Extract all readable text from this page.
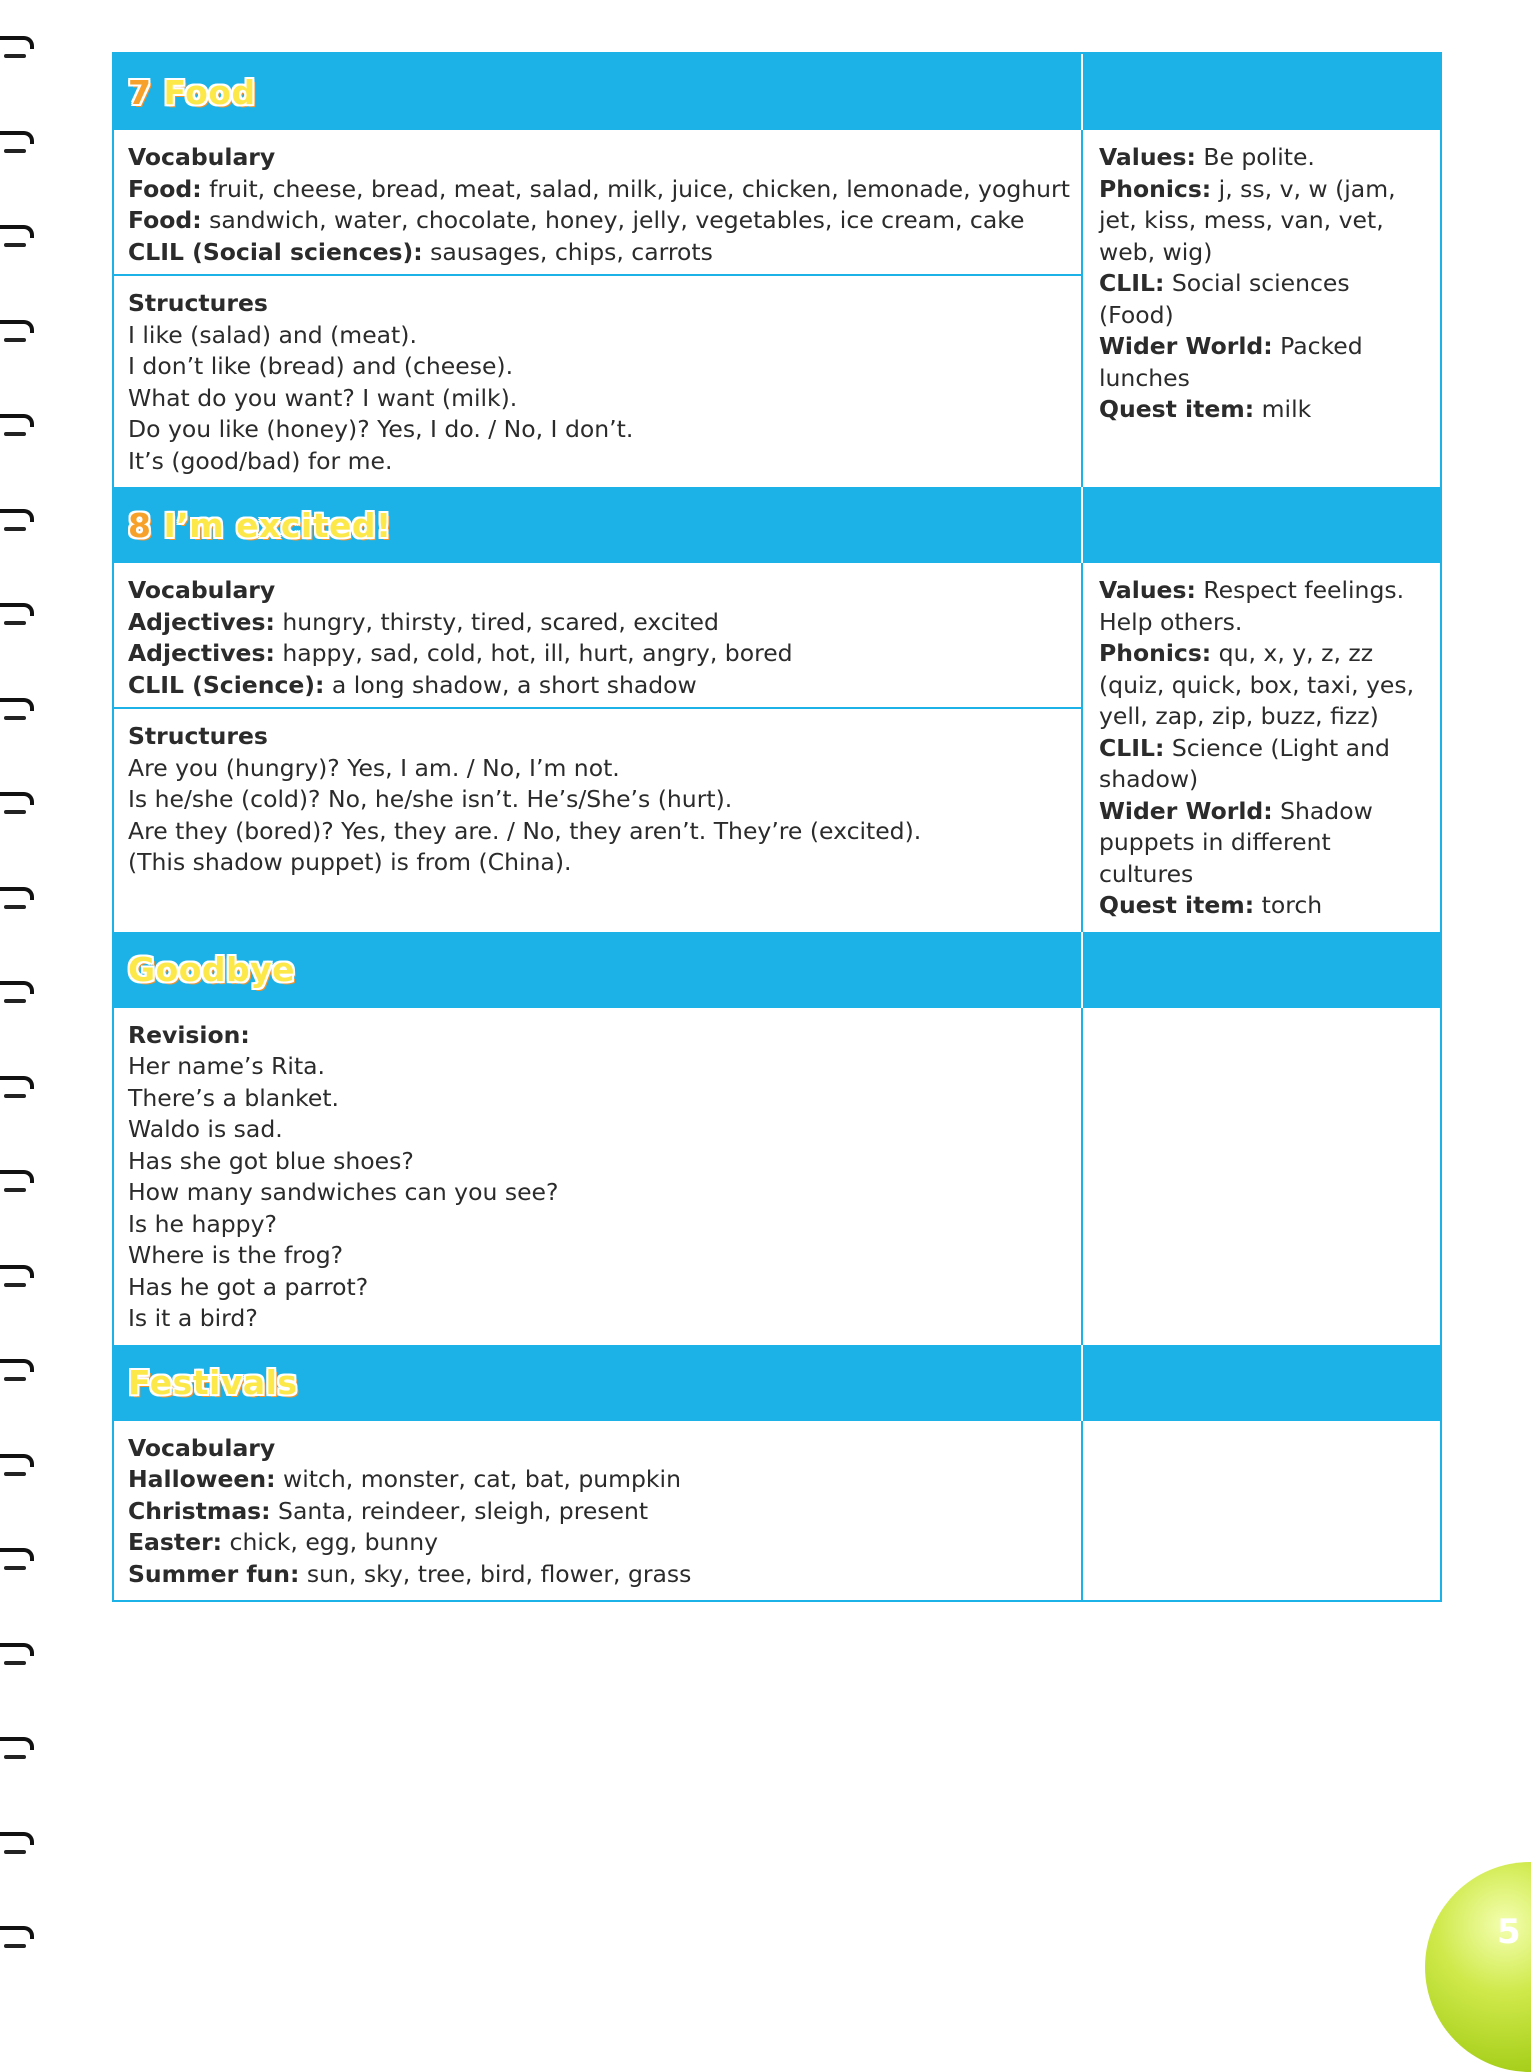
7 Food
Vocabulary
Food: fruit, cheese, bread, meat, salad, milk, juice, chicken, lemonade, yoghurt
Food: sandwich, water, chocolate, honey, jelly, vegetables, ice cream, cake
CLIL (Social sciences): sausages, chips, carrots
Structures
I like (salad) and (meat).
I don’t like (bread) and (cheese).
What do you want? I want (milk).
Do you like (honey)? Yes, I do. / No, I don’t.
It’s (good/bad) for me.
Values: Be polite.
Phonics: j, ss, v, w (jam, jet, kiss, mess, van, vet, web, wig)
CLIL: Social sciences (Food)
Wider World: Packed lunches
Quest item: milk
8 I’m excited!
Vocabulary
Adjectives: hungry, thirsty, tired, scared, excited
Adjectives: happy, sad, cold, hot, ill, hurt, angry, bored
CLIL (Science): a long shadow, a short shadow
Structures
Are you (hungry)? Yes, I am. / No, I’m not.
Is he/she (cold)? No, he/she isn’t. He’s/She’s (hurt).
Are they (bored)? Yes, they are. / No, they aren’t. They’re (excited).
(This shadow puppet) is from (China).
Values: Respect feelings. Help others.
Phonics: qu, x, y, z, zz (quiz, quick, box, taxi, yes, yell, zap, zip, buzz, fizz)
CLIL: Science (Light and shadow)
Wider World: Shadow puppets in different cultures
Quest item: torch
Goodbye
Revision:
Her name’s Rita.
There’s a blanket.
Waldo is sad.
Has she got blue shoes?
How many sandwiches can you see?
Is he happy?
Where is the frog?
Has he got a parrot?
Is it a bird?
Festivals
Vocabulary
Halloween: witch, monster, cat, bat, pumpkin
Christmas: Santa, reindeer, sleigh, present
Easter: chick, egg, bunny
Summer fun: sun, sky, tree, bird, flower, grass
5
